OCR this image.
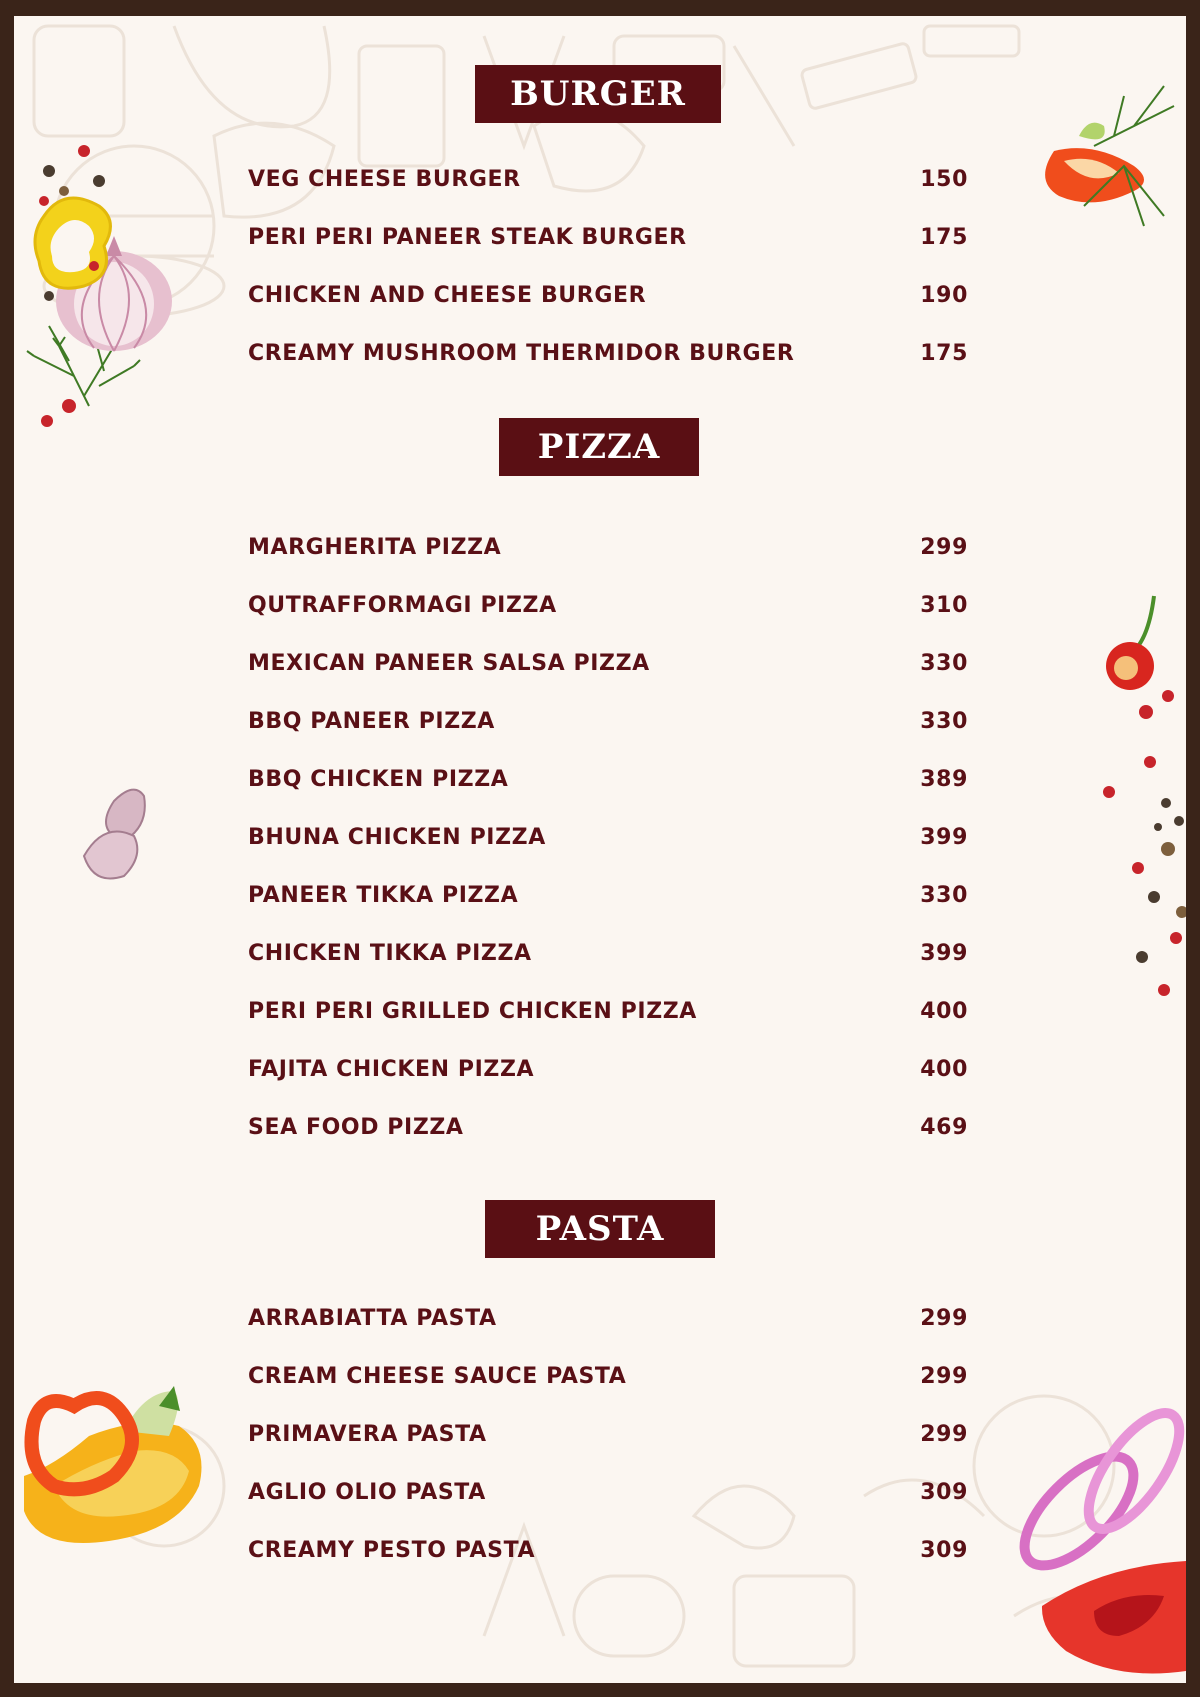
BURGER
VEG CHEESE BURGER	150
PERI PERI PANEER STEAK BURGER	175
CHICKEN AND CHEESE BURGER	190
CREAMY MUSHROOM THERMIDOR BURGER	175
PIZZA
MARGHERITA PIZZA	299
QUTRAFFORMAGI PIZZA	310
MEXICAN PANEER SALSA PIZZA	330
BBQ PANEER PIZZA	330
BBQ CHICKEN PIZZA	389
BHUNA CHICKEN PIZZA	399
PANEER TIKKA PIZZA	330
CHICKEN TIKKA PIZZA	399
PERI PERI GRILLED CHICKEN PIZZA	400
FAJITA CHICKEN PIZZA	400
SEA FOOD PIZZA	469
PASTA
ARRABIATTA PASTA	299
CREAM CHEESE SAUCE PASTA	299
PRIMAVERA PASTA	299
AGLIO OLIO PASTA	309
CREAMY PESTO PASTA	309
